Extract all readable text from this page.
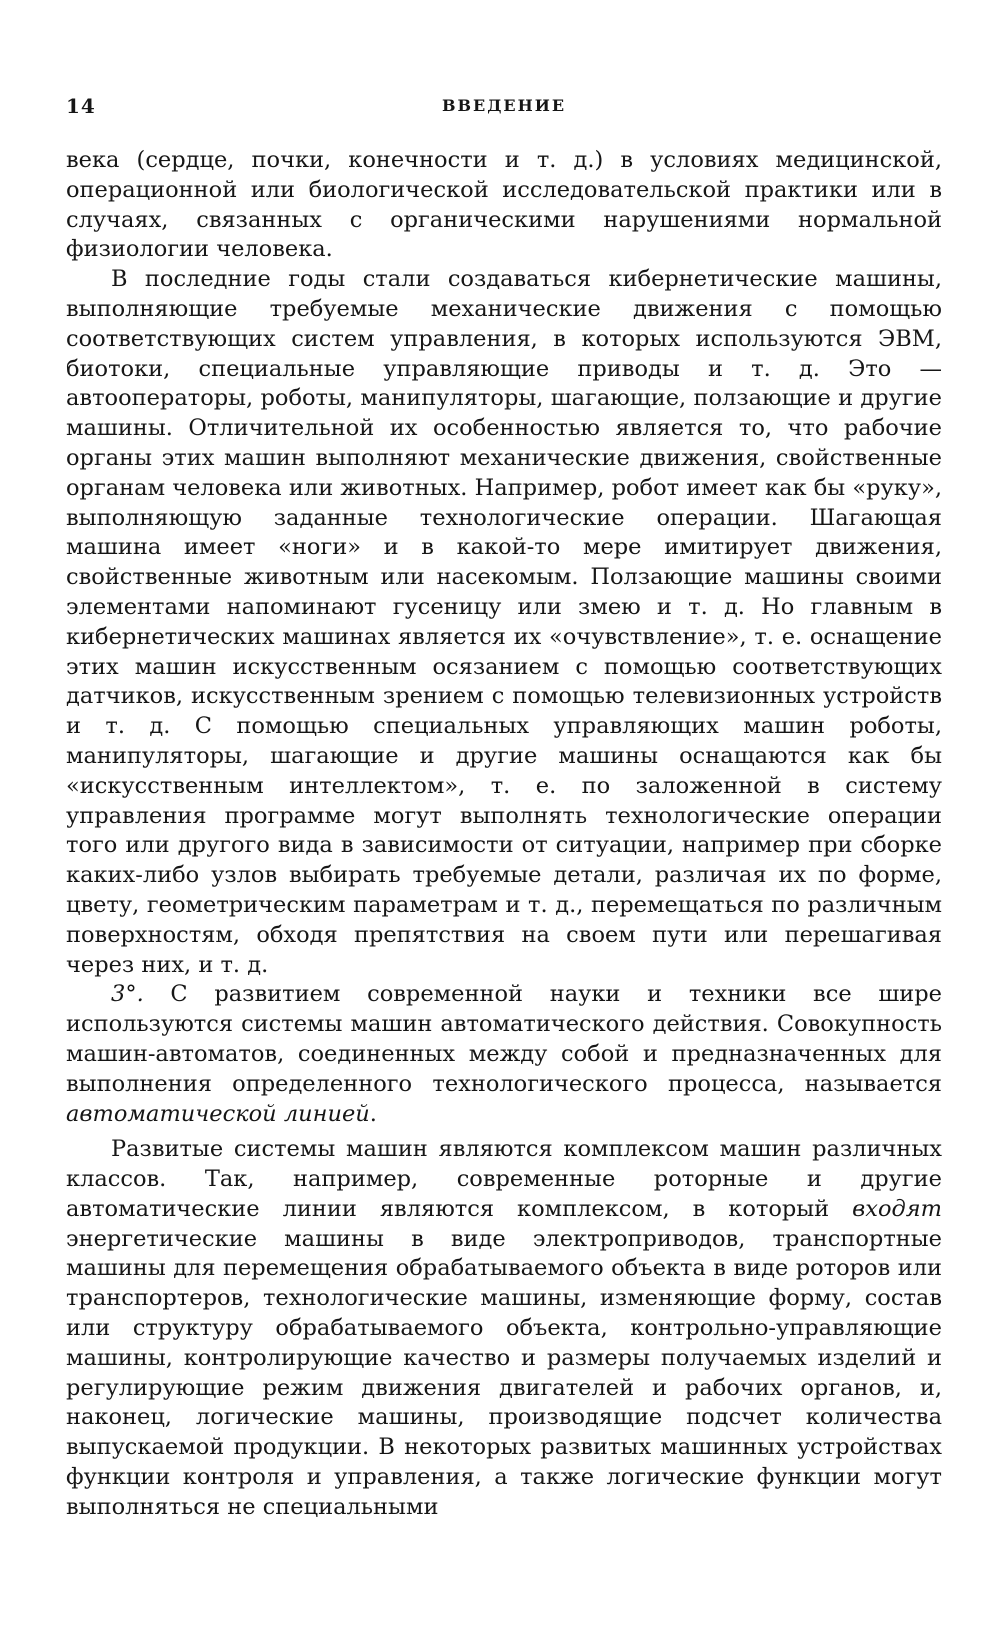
14	ВВЕДЕНИЕ

века (сердце, почки, конечности и т. д.) в условиях медицинской, операционной или биологической исследовательской практики или в случаях, связанных с органическими нарушениями нормальной физиологии человека.

В последние годы стали создаваться кибернетические машины, выполняющие требуемые механические движения с помощью соответствующих систем управления, в которых используются ЭВМ, биотоки, специальные управляющие приводы и т. д. Это — автооператоры, роботы, манипуляторы, шагающие, ползающие и другие машины. Отличительной их особенностью является то, что рабочие органы этих машин выполняют механические движения, свойственные органам человека или животных. Например, робот имеет как бы «руку», выполняющую заданные технологические операции. Шагающая машина имеет «ноги» и в какой-то мере имитирует движения, свойственные животным или насекомым. Ползающие машины своими элементами напоминают гусеницу или змею и т. д. Но главным в кибернетических машинах является их «очувствление», т. е. оснащение этих машин искусственным осязанием с помощью соответствующих датчиков, искусственным зрением с помощью телевизионных устройств и т. д. С помощью специальных управляющих машин роботы, манипуляторы, шагающие и другие машины оснащаются как бы «искусственным интеллектом», т. е. по заложенной в систему управления программе могут выполнять технологические операции того или другого вида в зависимости от ситуации, например при сборке каких-либо узлов выбирать требуемые детали, различая их по форме, цвету, геометрическим параметрам и т. д., перемещаться по различным поверхностям, обходя препятствия на своем пути или перешагивая через них, и т. д.

3°. С развитием современной науки и техники все шире используются системы машин автоматического действия. Совокупность машин-автоматов, соединенных между собой и предназначенных для выполнения определенного технологического процесса, называется автоматической линией.

Развитые системы машин являются комплексом машин различных классов. Так, например, современные роторные и другие автоматические линии являются комплексом, в который входят энергетические машины в виде электроприводов, транспортные машины для перемещения обрабатываемого объекта в виде роторов или транспортеров, технологические машины, изменяющие форму, состав или структуру обрабатываемого объекта, контрольно-управляющие машины, контролирующие качество и размеры получаемых изделий и регулирующие режим движения двигателей и рабочих органов, и, наконец, логические машины, производящие подсчет количества выпускаемой продукции. В некоторых развитых машинных устройствах функции контроля и управления, а также логические функции могут выполняться не специальными
